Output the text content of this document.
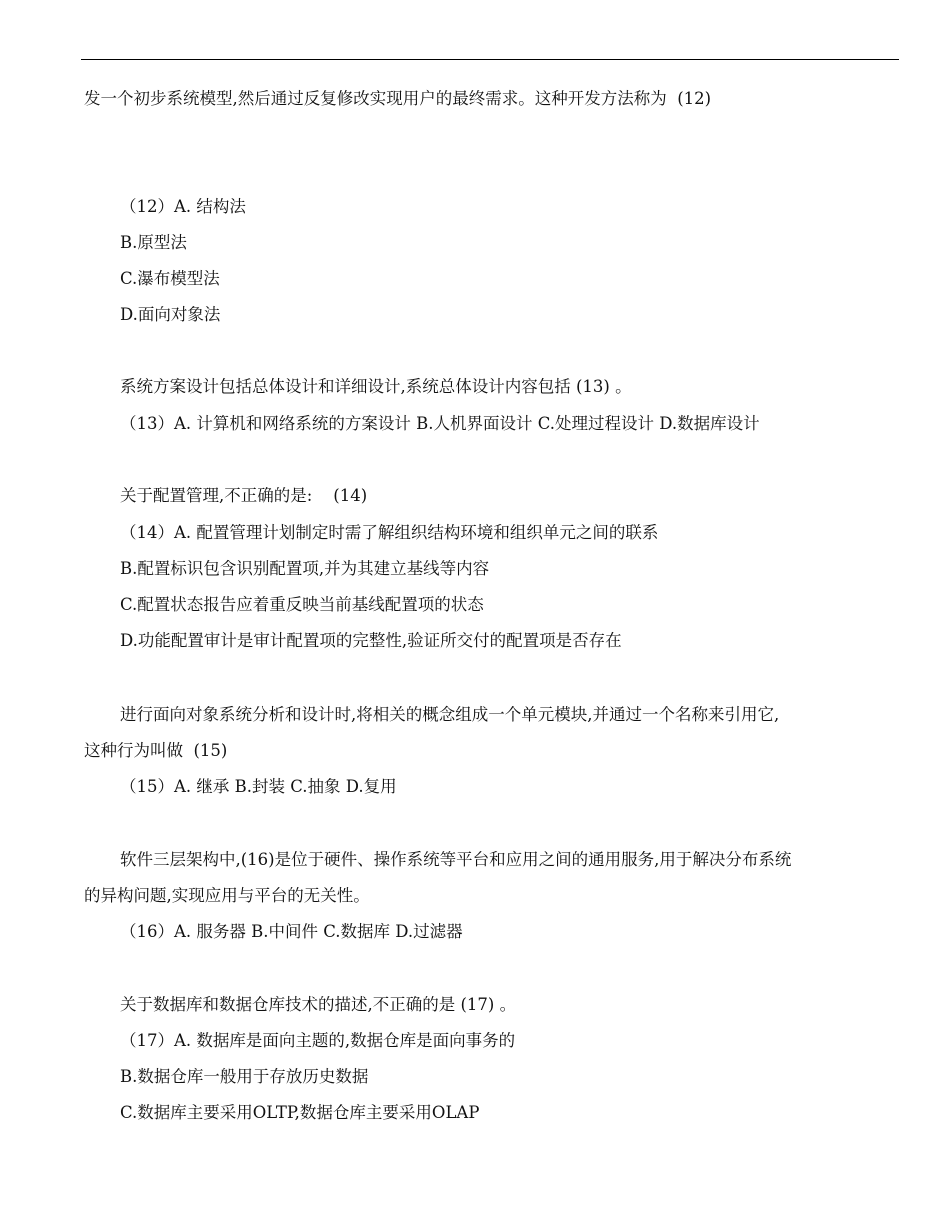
发一个初步系统模型,然后通过反复修改实现用户的最终需求。这种开发方法称为  (12)
（12）A. 结构法
B.原型法
C.瀑布模型法
D.面向对象法
系统方案设计包括总体设计和详细设计,系统总体设计内容包括 (13) 。
（13）A. 计算机和网络系统的方案设计 B.人机界面设计 C.处理过程设计 D.数据库设计
关于配置管理,不正确的是:    (14)
（14）A. 配置管理计划制定时需了解组织结构环境和组织单元之间的联系
B.配置标识包含识别配置项,并为其建立基线等内容
C.配置状态报告应着重反映当前基线配置项的状态
D.功能配置审计是审计配置项的完整性,验证所交付的配置项是否存在
进行面向对象系统分析和设计时,将相关的概念组成一个单元模块,并通过一个名称来引用它,
这种行为叫做  (15)
（15）A. 继承 B.封装 C.抽象 D.复用
软件三层架构中,(16)是位于硬件、操作系统等平台和应用之间的通用服务,用于解决分布系统
的异构问题,实现应用与平台的无关性。
（16）A. 服务器 B.中间件 C.数据库 D.过滤器
关于数据库和数据仓库技术的描述,不正确的是 (17) 。
（17）A. 数据库是面向主题的,数据仓库是面向事务的
B.数据仓库一般用于存放历史数据
C.数据库主要采用OLTP,数据仓库主要采用OLAP
